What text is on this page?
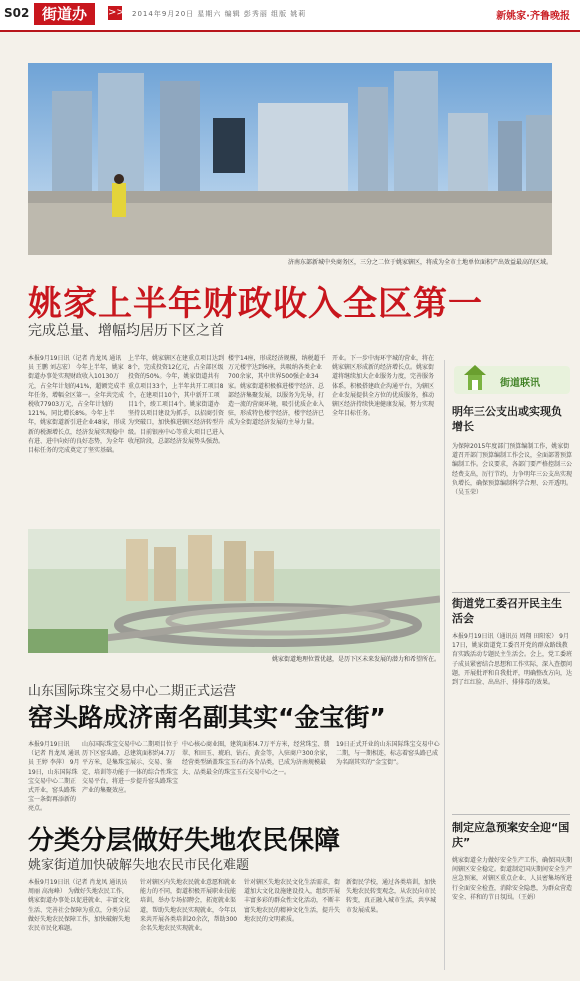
S02 街道办	>> 2014年9月20日 星期六 编辑 彭秀丽 组版 姚莉	新姚家·齐鲁晚报
济南东部新城中央商务区，三分之二位于姚家辖区，将成为全市土地单位面积产出效益最高的区域。
姚家上半年财政收入全区第一
完成总量、增幅均居历下区之首
本报9月19日讯（记者 肖龙凤 通讯员 王鹏 刘志宏） 今年上半年，姚家街道办事处实现财政收入10130万元，占全年计划的41%，超额完成半年任务，增幅全区第一。全年共完成税收77903万元，占全年计划的121%，同比增长8%。今年上半年，姚家街道新引进企业48家，形成新的税源增长点，经济发展实现稳中有进、进中向好的良好态势，为全年目标任务的完成奠定了坚实基础。
上半年，姚家辖区在建重点项目达到8个，完成投资12亿元，占全部区级投资的50%。今年，姚家街道共有重点项目33个，上半年共开工项目8个，在建项目10个，其中新开工项目1个，竣工项目4个。姚家街道办坚持以项目建设为抓手，以招商引资为突破口，加快推进辖区经济转型升级。目前银座中心等重大项目已进入收尾阶段，总部经济发展势头强劲。
楼宇14座，形成经济规模，纳税超千万元楼宇达到6座，共吸纳各类企业700余家，其中世界500强企业34家。姚家街道积极推进楼宇经济、总部经济集聚发展，以服务为先导，打造一流的营商环境，吸引优质企业入驻，形成特色楼宇经济，楼宇经济已成为全街道经济发展的主导力量。
开业。下一步中海环宇城的营业，将在姚家辖区形成新的经济增长点。姚家街道将继续加大企业服务力度，完善服务体系，积极搭建政企沟通平台，为辖区企业发展提供全方位的优质服务，推动辖区经济持续快速健康发展，努力实现全年目标任务。
姚家街道地理位置优越，是历下区未来发展的潜力和希望所在。
山东国际珠宝交易中心二期正式运营
窑头路成济南名副其实“金宝街”
本报9月19日讯（记者 肖龙凤 通讯员 王婷 李萍） 9月19日，山东国际珠宝交易中心二期正式开业，窑头路珠宝一条街再添新的亮点。
山东国际珠宝交易中心二期项目位于历下区窑头路，总建筑面积约4.7万平方米，是集珠宝展示、交易、鉴定、培训等功能于一体的综合性珠宝交易平台，将进一步提升窑头路珠宝产业的集聚效应。
中心核心商业圈，建筑面积4.7万平方米，经营珠宝、翡翠、和田玉、琥珀、钻石、黄金等，入驻商户300余家，经营类型涵盖珠宝玉石的各个品类，已成为济南规模最大、品类最全的珠宝玉石交易中心之一。
19日正式开业的山东国际珠宝交易中心二期，与一期相连，标志着窑头路已成为名副其实的“金宝街”。
分类分层做好失地农民保障
姚家街道加快破解失地农民市民化难题
本报9月19日讯（记者 肖龙凤 通讯员 周丽 高海峰） 为做好失地农民工作，姚家街道办事处以促进就业、丰富文化生活、完善社会保障为重点，分类分层做好失地农民保障工作，加快破解失地农民市民化难题。
针对辖区内失地农民就业意愿和就业能力的不同，街道积极开展职业技能培训，举办专场招聘会，拓宽就业渠道，帮助失地农民实现就业，今年以来共开展各类培训20余次，帮助300余名失地农民实现就业。
针对辖区失地农民文化生活需求，街道加大文化设施建设投入，组织开展丰富多彩的群众性文化活动，不断丰富失地农民的精神文化生活，提升失地农民的文明素质。
新街民学校，通过各类培训，加快失地农民转变观念，从农民向市民转变，真正融入城市生活，共享城市发展成果。
街道联讯
明年三公支出或实现负增长
为保障2015年度部门预算编制工作，姚家街道召开部门预算编制工作会议，全面部署预算编制工作。会议要求，各部门要严格控制三公经费支出，厉行节约，力争明年三公支出实现负增长，确保预算编制科学合理、公开透明。（吴玉荣）
街道党工委召开民主生活会
本报9月19日讯（通讯员 周翔 田阳宏） 9月17日，姚家街道党工委召开党的群众路线教育实践活动专题民主生活会。会上，党工委班子成员紧密结合思想和工作实际，深入查摆问题，开展批评和自我批评，明确整改方向，达到了红红脸、出出汗、排排毒的效果。
制定应急预案安全迎“国庆”
姚家街道全力做好安全生产工作，确保国庆期间辖区安全稳定。街道制定国庆期间安全生产应急预案，对辖区重点企业、人员密集场所进行全面安全检查，消除安全隐患，为群众营造安全、祥和的节日氛围。（王娟）
